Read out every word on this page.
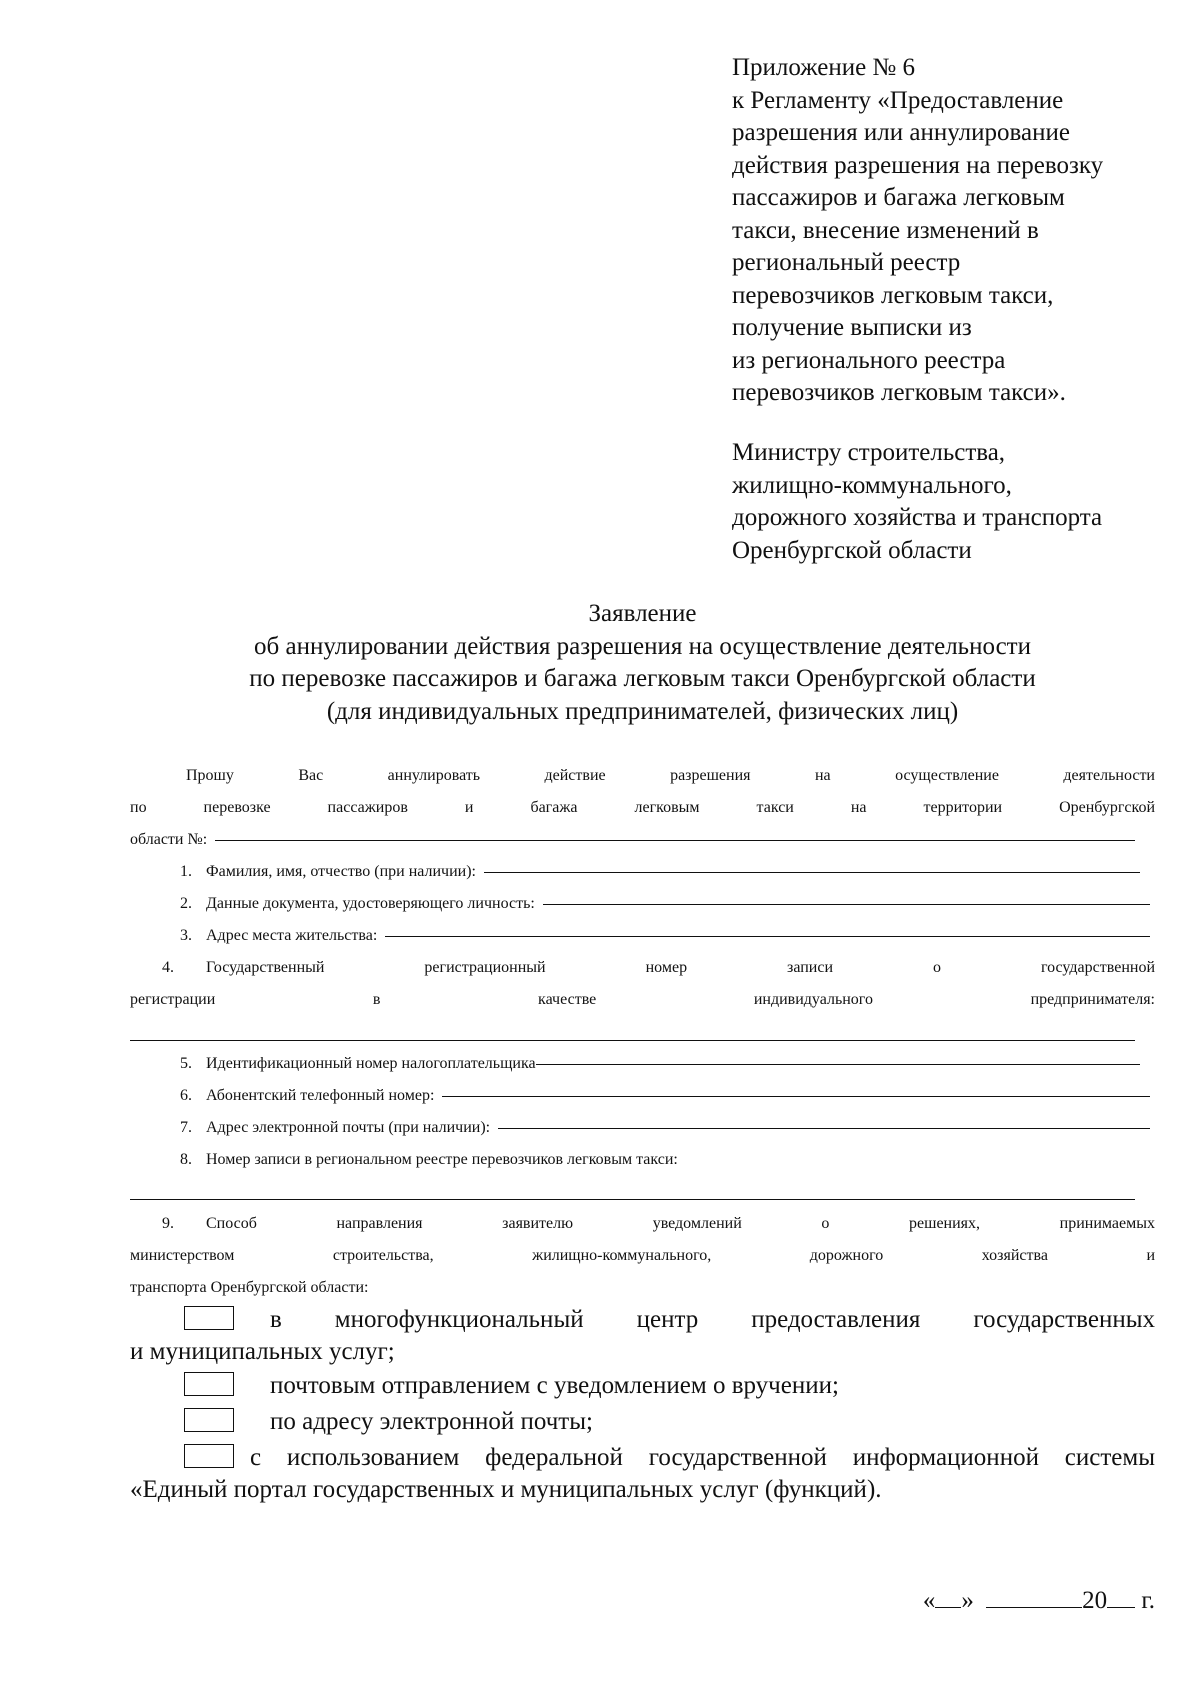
Приложение № 6
к Регламенту «Предоставление
разрешения или аннулирование
действия разрешения на перевозку
пассажиров и багажа легковым
такси, внесение изменений в
региональный реестр
перевозчиков легковым такси,
получение выписки из
из регионального реестра
перевозчиков легковым такси».
Министру строительства,
жилищно-коммунального,
дорожного хозяйства и транспорта
Оренбургской области
Заявление
об аннулировании действия разрешения на осуществление деятельности
по перевозке пассажиров и багажа легковым такси Оренбургской области
(для индивидуальных предпринимателей, физических лиц)
Прошу Вас аннулировать действие разрешения на осуществление деятельности
по перевозке пассажиров и багажа легковым такси на территории Оренбургской
области №:
1. Фамилия, имя, отчество (при наличии):
2. Данные документа, удостоверяющего личность:
3. Адрес места жительства:
4. Государственный регистрационный номер записи о государственной
регистрации в качестве индивидуального предпринимателя:
5. Идентификационный номер налогоплательщика
6. Абонентский телефонный номер:
7. Адрес электронной почты (при наличии):
8. Номер записи в региональном реестре перевозчиков легковым такси:
9. Способ направления заявителю уведомлений о решениях, принимаемых
министерством строительства, жилищно-коммунального, дорожного хозяйства и
транспорта Оренбургской области:
в многофункциональный центр предоставления государственных
и муниципальных услуг;
почтовым отправлением с уведомлением о вручении;
по адресу электронной почты;
с использованием федеральной государственной информационной системы
«Единый портал государственных и муниципальных услуг (функций).
« »	20 г.
